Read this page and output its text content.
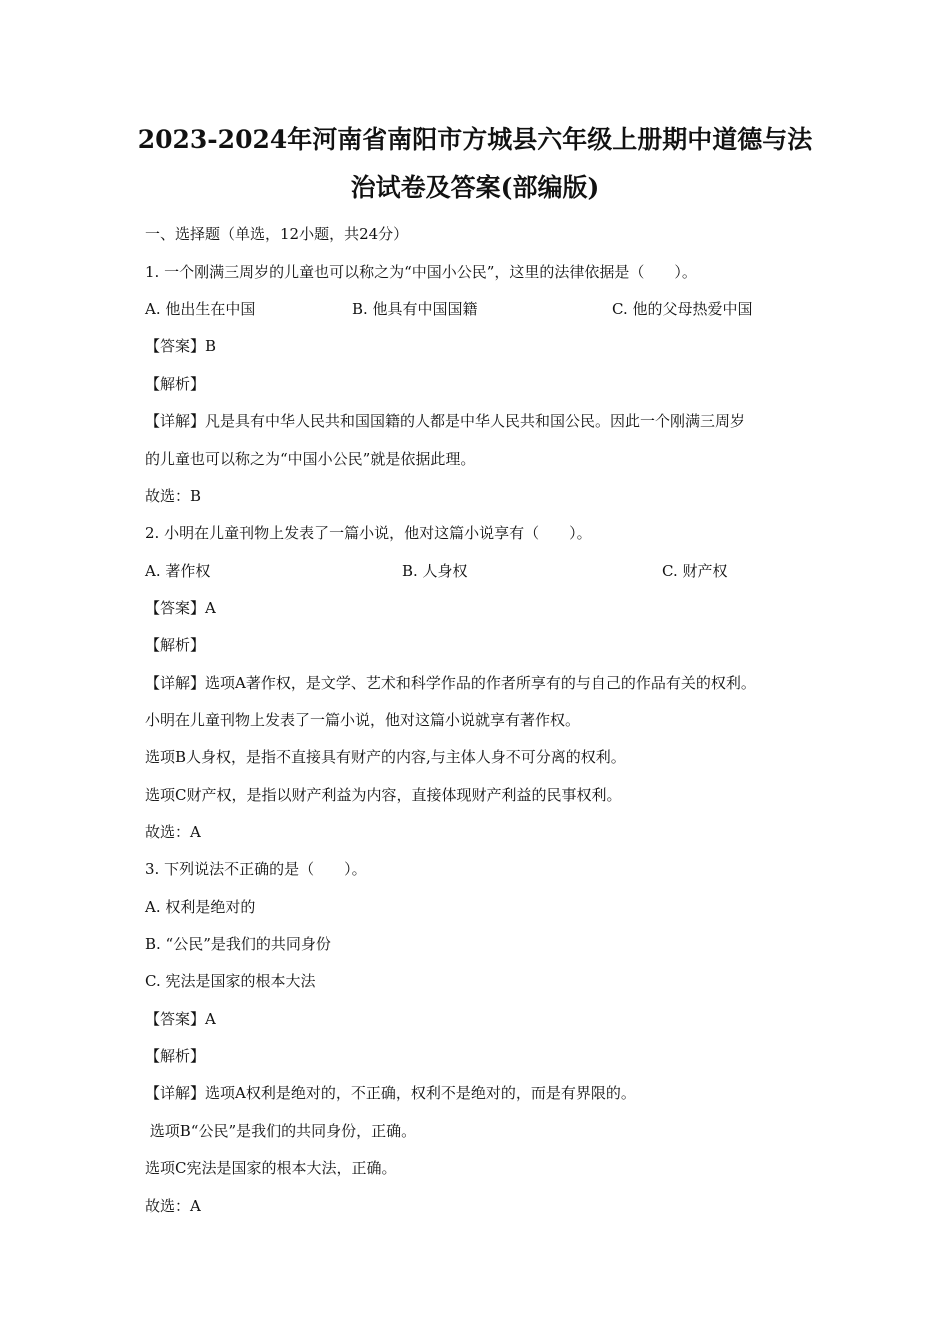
2023-2024年河南省南阳市方城县六年级上册期中道德与法
治试卷及答案(部编版)
一、选择题（单选，12小题，共24分）
1. 一个刚满三周岁的儿童也可以称之为“中国小公民”，这里的法律依据是（　　）。
A. 他出生在中国	B. 他具有中国国籍	C. 他的父母热爱中国
【答案】B
【解析】
【详解】凡是具有中华人民共和国国籍的人都是中华人民共和国公民。因此一个刚满三周岁
的儿童也可以称之为“中国小公民”就是依据此理。
故选：B
2. 小明在儿童刊物上发表了一篇小说，他对这篇小说享有（　　）。
A. 著作权	B. 人身权	C. 财产权
【答案】A
【解析】
【详解】选项A著作权，是文学、艺术和科学作品的作者所享有的与自己的作品有关的权利。
小明在儿童刊物上发表了一篇小说，他对这篇小说就享有著作权。
选项B人身权，是指不直接具有财产的内容,与主体人身不可分离的权利。
选项C财产权，是指以财产利益为内容，直接体现财产利益的民事权利。
故选：A
3. 下列说法不正确的是（　　）。
A. 权利是绝对的
B. “公民”是我们的共同身份
C. 宪法是国家的根本大法
【答案】A
【解析】
【详解】选项A权利是绝对的，不正确，权利不是绝对的，而是有界限的。
选项B“公民”是我们的共同身份，正确。
选项C宪法是国家的根本大法，正确。
故选：A
